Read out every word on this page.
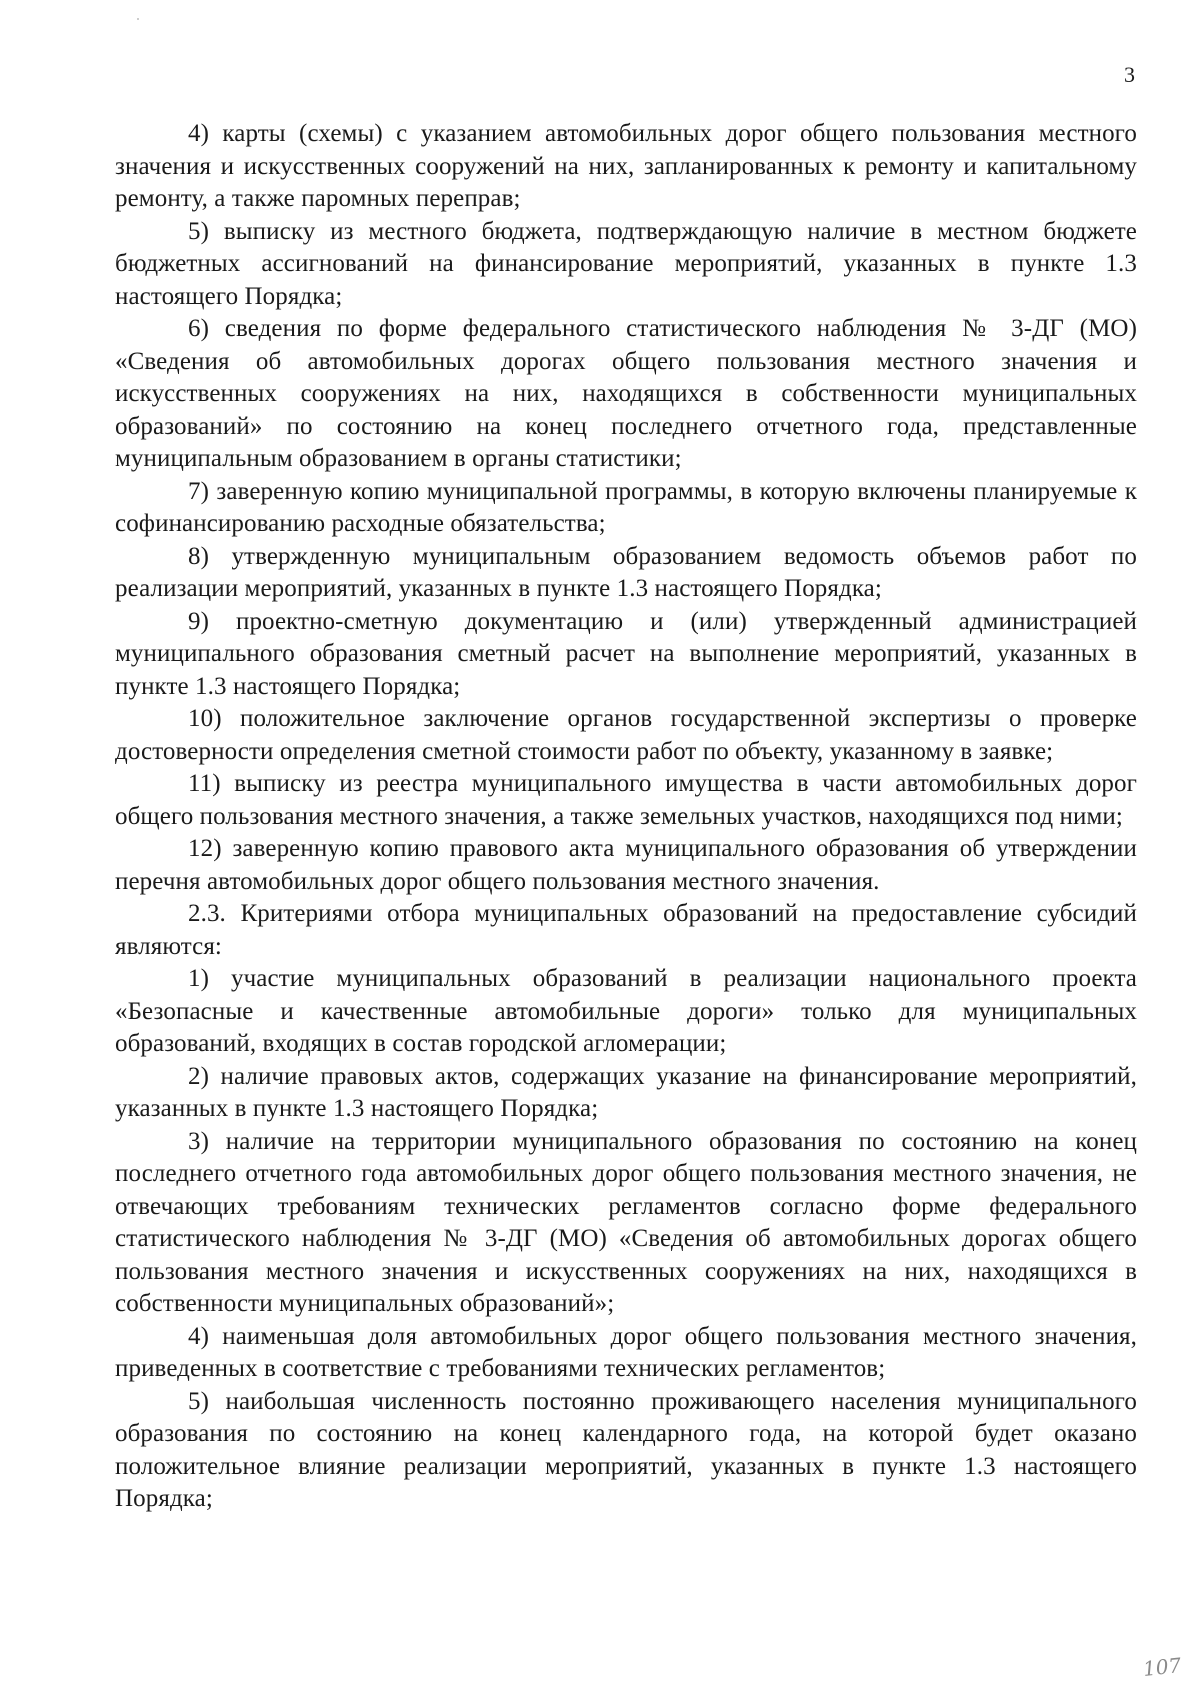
3

4) карты (схемы) с указанием автомобильных дорог общего пользования местного значения и искусственных сооружений на них, запланированных к ремонту и капитальному ремонту, а также паромных переправ;

5) выписку из местного бюджета, подтверждающую наличие в местном бюджете бюджетных ассигнований на финансирование мероприятий, указанных в пункте 1.3 настоящего Порядка;

6) сведения по форме федерального статистического наблюдения № 3-ДГ (МО) «Сведения об автомобильных дорогах общего пользования местного значения и искусственных сооружениях на них, находящихся в собственности муниципальных образований» по состоянию на конец последнего отчетного года, представленные муниципальным образованием в органы статистики;

7) заверенную копию муниципальной программы, в которую включены планируемые к софинансированию расходные обязательства;

8) утвержденную муниципальным образованием ведомость объемов работ по реализации мероприятий, указанных в пункте 1.3 настоящего Порядка;

9) проектно-сметную документацию и (или) утвержденный администрацией муниципального образования сметный расчет на выполнение мероприятий, указанных в пункте 1.3 настоящего Порядка;

10) положительное заключение органов государственной экспертизы о проверке достоверности определения сметной стоимости работ по объекту, указанному в заявке;

11) выписку из реестра муниципального имущества в части автомобильных дорог общего пользования местного значения, а также земельных участков, находящихся под ними;

12) заверенную копию правового акта муниципального образования об утверждении перечня автомобильных дорог общего пользования местного значения.

2.3. Критериями отбора муниципальных образований на предоставление субсидий являются:

1) участие муниципальных образований в реализации национального проекта «Безопасные и качественные автомобильные дороги» только для муниципальных образований, входящих в состав городской агломерации;

2) наличие правовых актов, содержащих указание на финансирование мероприятий, указанных в пункте 1.3 настоящего Порядка;

3) наличие на территории муниципального образования по состоянию на конец последнего отчетного года автомобильных дорог общего пользования местного значения, не отвечающих требованиям технических регламентов согласно форме федерального статистического наблюдения № 3-ДГ (МО) «Сведения об автомобильных дорогах общего пользования местного значения и искусственных сооружениях на них, находящихся в собственности муниципальных образований»;

4) наименьшая доля автомобильных дорог общего пользования местного значения, приведенных в соответствие с требованиями технических регламентов;

5) наибольшая численность постоянно проживающего населения муниципального образования по состоянию на конец календарного года, на которой будет оказано положительное влияние реализации мероприятий, указанных в пункте 1.3 настоящего Порядка;

107
